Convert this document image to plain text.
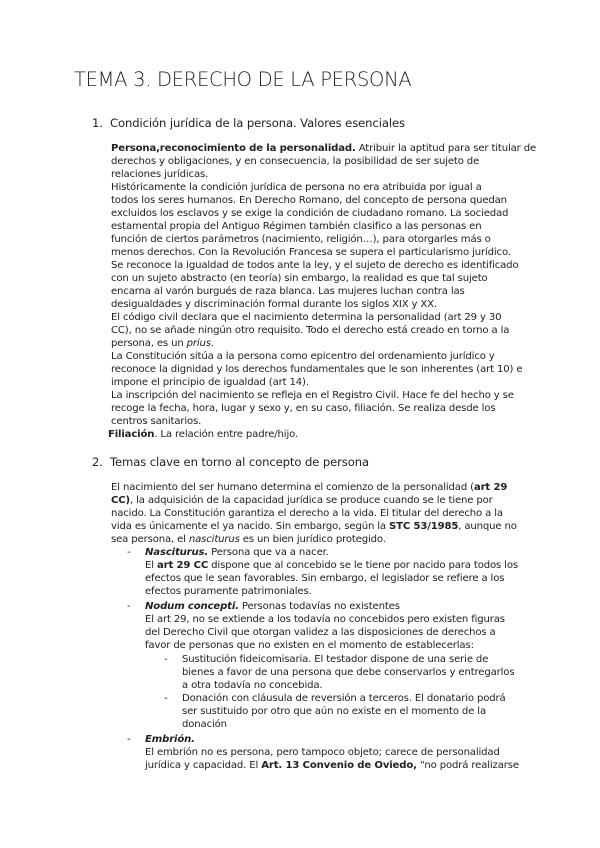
TEMA 3. DERECHO DE LA PERSONA
1. Condición jurídica de la persona. Valores esenciales
Persona,reconocimiento de la personalidad. Atribuir la aptitud para ser titular de
derechos y obligaciones, y en consecuencia, la posibilidad de ser sujeto de
relaciones jurídicas.
Históricamente la condición jurídica de persona no era atribuida por igual a
todos los seres humanos. En Derecho Romano, del concepto de persona quedan
excluidos los esclavos y se exige la condición de ciudadano romano. La sociedad
estamental propia del Antiguo Régimen también clasifico a las personas en
función de ciertos parámetros (nacimiento, religión…), para otorgarles más o
menos derechos. Con la Revolución Francesa se supera el particularismo jurídico.
Se reconoce la igualdad de todos ante la ley, y el sujeto de derecho es identificado
con un sujeto abstracto (en teoría) sin embargo, la realidad es que tal sujeto
encarna al varón burgués de raza blanca. Las mujeres luchan contra las
desigualdades y discriminación formal durante los siglos XIX y XX.
El código civil declara que el nacimiento determina la personalidad (art 29 y 30
CC), no se añade ningún otro requisito. Todo el derecho está creado en torno a la
persona, es un prius.
La Constitución sitúa a la persona como epicentro del ordenamiento jurídico y
reconoce la dignidad y los derechos fundamentales que le son inherentes (art 10) e
impone el principio de igualdad (art 14).
La inscripción del nacimiento se refleja en el Registro Civil. Hace fe del hecho y se
recoge la fecha, hora, lugar y sexo y, en su caso, filiación. Se realiza desde los
centros sanitarios.
Filiación. La relación entre padre/hijo.
2. Temas clave en torno al concepto de persona
El nacimiento del ser humano determina el comienzo de la personalidad (art 29
CC), la adquisición de la capacidad jurídica se produce cuando se le tiene por
nacido. La Constitución garantiza el derecho a la vida. El titular del derecho a la
vida es únicamente el ya nacido. Sin embargo, según la STC 53/1985, aunque no
sea persona, el nasciturus es un bien jurídico protegido.
- Nasciturus. Persona que va a nacer.
El art 29 CC dispone que al concebido se le tiene por nacido para todos los
efectos que le sean favorables. Sin embargo, el legislador se refiere a los
efectos puramente patrimoniales.
- Nodum concepti. Personas todavías no existentes
El art 29, no se extiende a los todavía no concebidos pero existen figuras
del Derecho Civil que otorgan validez a las disposiciones de derechos a
favor de personas que no existen en el momento de establecerlas:
- Sustitución fideicomisaria. El testador dispone de una serie de
bienes a favor de una persona que debe conservarlos y entregarlos
a otra todavía no concebida.
- Donación con cláusula de reversión a terceros. El donatario podrá
ser sustituido por otro que aún no existe en el momento de la
donación
- Embrión.
El embrión no es persona, pero tampoco objeto; carece de personalidad
jurídica y capacidad. El Art. 13 Convenio de Oviedo, “no podrá realizarse
